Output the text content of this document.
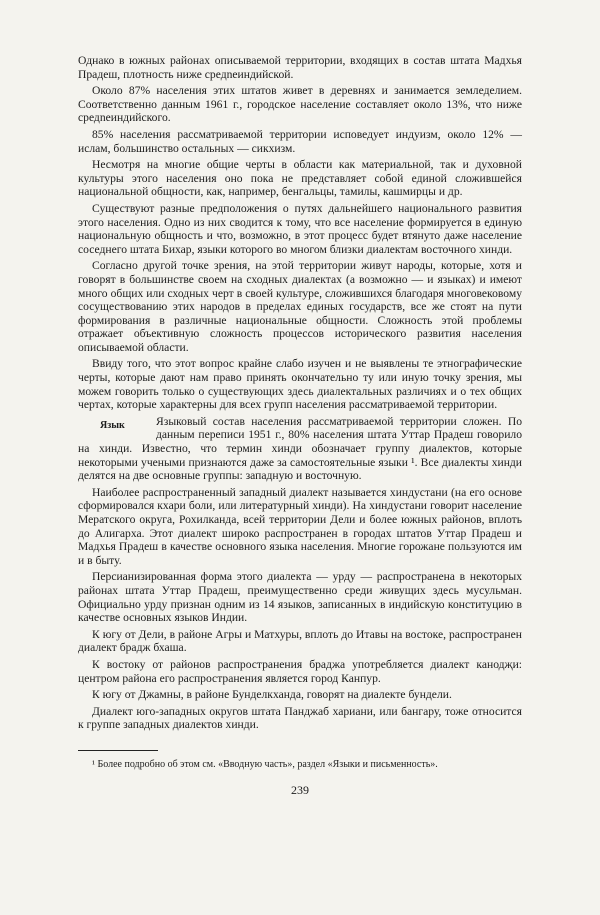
Однако в южных районах описываемой территории, входящих в состав штата Мадхья Прадеш, плотность ниже средneиндийской.

Около 87% населения этих штатов живет в деревнях и занимается земледелием. Соответственно данным 1961 г., городское население составляет около 13%, что ниже средneиндийского.

85% населения рассматриваемой территории исповедует индуизм, около 12% — ислам, большинство остальных — сикхизм.

Несмотря на многие общие черты в области как материальной, так и духовной культуры этого населения оно пока не представляет собой единой сложившейся национальной общности, как, например, бенгальцы, тамилы, кашмирцы и др.

Существуют разные предположения о путях дальнейшего национального развития этого населения. Одно из них сводится к тому, что все население формируется в единую национальную общность и что, возможно, в этот процесс будет втянуто даже население соседнего штата Бихар, языки которого во многом близки диалектам восточного хинди.

Согласно другой точке зрения, на этой территории живут народы, которые, хотя и говорят в большинстве своем на сходных диалектах (а возможно — и языках) и имеют много общих или сходных черт в своей культуре, сложившихся благодаря многовековому сосуществованию этих народов в пределах единых государств, все же стоят на пути формирования в различные национальные общности. Сложность этой проблемы отражает объективную сложность процессов исторического развития населения описываемой области.

Ввиду того, что этот вопрос крайне слабо изучен и не выявлены те этнографические черты, которые дают нам право принять окончательно ту или иную точку зрения, мы можем говорить только о существующих здесь диалектальных различиях и о тех общих чертах, которые характерны для всех групп населения рассматриваемой территории.

Язык	Языковый состав населения рассматриваемой территории сложен. По данным переписи 1951 г., 80% населения штата Уттар Прадеш говорило на хинди. Известно, что термин хинди обозначает группу диалектов, которые некоторыми учеными признаются даже за самостоятельные языки ¹. Все диалекты хинди делятся на две основные группы: западную и восточную.

Наиболее распространенный западный диалект называется хиндустани (на его основе сформировался кхари боли, или литературный хинди). На хиндустани говорит население Мератского округа, Рохилканда, всей территории Дели и более южных районов, вплоть до Алигарха. Этот диалект широко распространен в городах штатов Уттар Прадеш и Мадхья Прадеш в качестве основного языка населения. Многие горожане пользуются им и в быту.

Персианизированная форма этого диалекта — урду — распространена в некоторых районах штата Уттар Прадеш, преимущественно среди живущих здесь мусульман. Официально урду признан одним из 14 языков, записанных в индийскую конституцию в качестве основных языков Индии.

К югу от Дели, в районе Агры и Матхуры, вплоть до Итавы на востоке, распространен диалект брадж бхаша.

К востоку от районов распространения браджа употребляется диалект канодҗи: центром района его распространения является город Канпур.

К югу от Джамны, в районе Бунделкханда, говорят на диалекте бундели.

Диалект юго-западных округов штата Панджаб хариани, или бангару, тоже относится к группе западных диалектов хинди.

¹ Более подробно об этом см. «Вводную часть», раздел «Языки и письменность».

239
